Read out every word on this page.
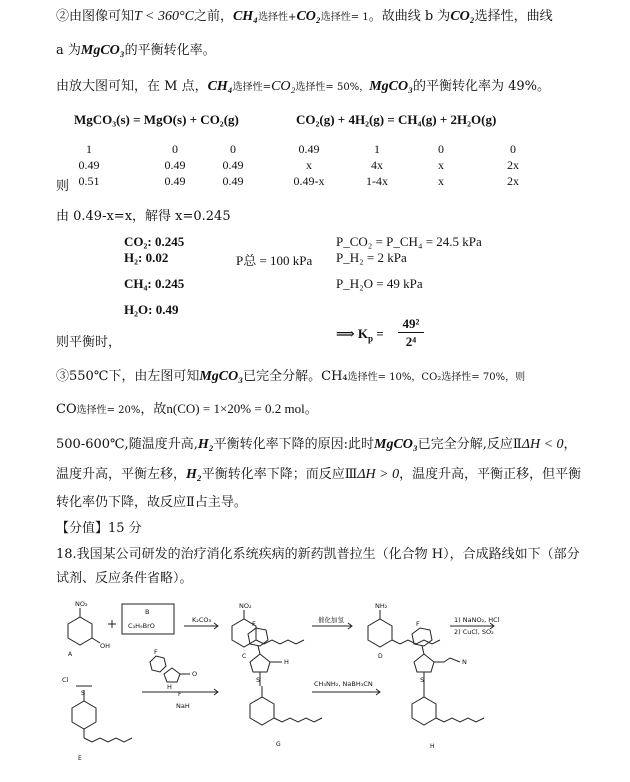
②由图像可知T < 360°C之前，CH₄选择性+CO₂选择性= 1。故曲线 b 为CO₂选择性，曲线
a 为MgCO₃的平衡转化率。
由放大图可知，在 M 点，CH₄选择性=CO₂选择性= 50%，MgCO₃的平衡转化率为 49%。
MgCO₃(s) = MgO(s) + CO₂(g)	CO₂(g) + 4H₂(g) = CH₄(g) + 2H₂O(g)
则
1	0	0	0.49	1	0	0
0.49	0.49	0.49	x	4x	x	2x
0.51	0.49	0.49	0.49-x	1-4x	x	2x
由 0.49-x=x，解得 x=0.245
CO₂: 0.245
H₂: 0.02
CH₄: 0.245
H₂O: 0.49
P总 = 100 kPa
P_CO₂ = P_CH₄ = 24.5 kPa
P_H₂ = 2 kPa
P_H₂O = 49 kPa
则平衡时，
⟹ $K_p$ =
49²
2⁴
③550℃下，由左图可知MgCO₃已完全分解。CH₄选择性= 10%，CO₂选择性= 70%，则
CO选择性= 20%，故n(CO) = 1×20% = 0.2 mol。
500-600℃,随温度升高,H₂平衡转化率下降的原因:此时MgCO₃已完全分解,反应ⅡΔH < 0，
温度升高，平衡左移，H₂平衡转化率下降；而反应ⅢΔH > 0，温度升高，平衡正移，但平衡
转化率仍下降，故反应Ⅱ占主导。
【分值】15 分
18.我国某公司研发的治疗消化系统疾病的新药凯普拉生（化合物 H），合成路线如下（部分
试剂、反应条件省略）。
NO₂
OH
B
C₃H₉BrO
K₂CO₃
NO₂
催化加氢
NH₂
1) NaNO₂, HCl
2) CuCl, SO₂
S
Cl
NaH
F
O
H
F
H
S	CH₃NH₂, NaBH₃CN
F
N
S
A	C	D
E
F
G	H
